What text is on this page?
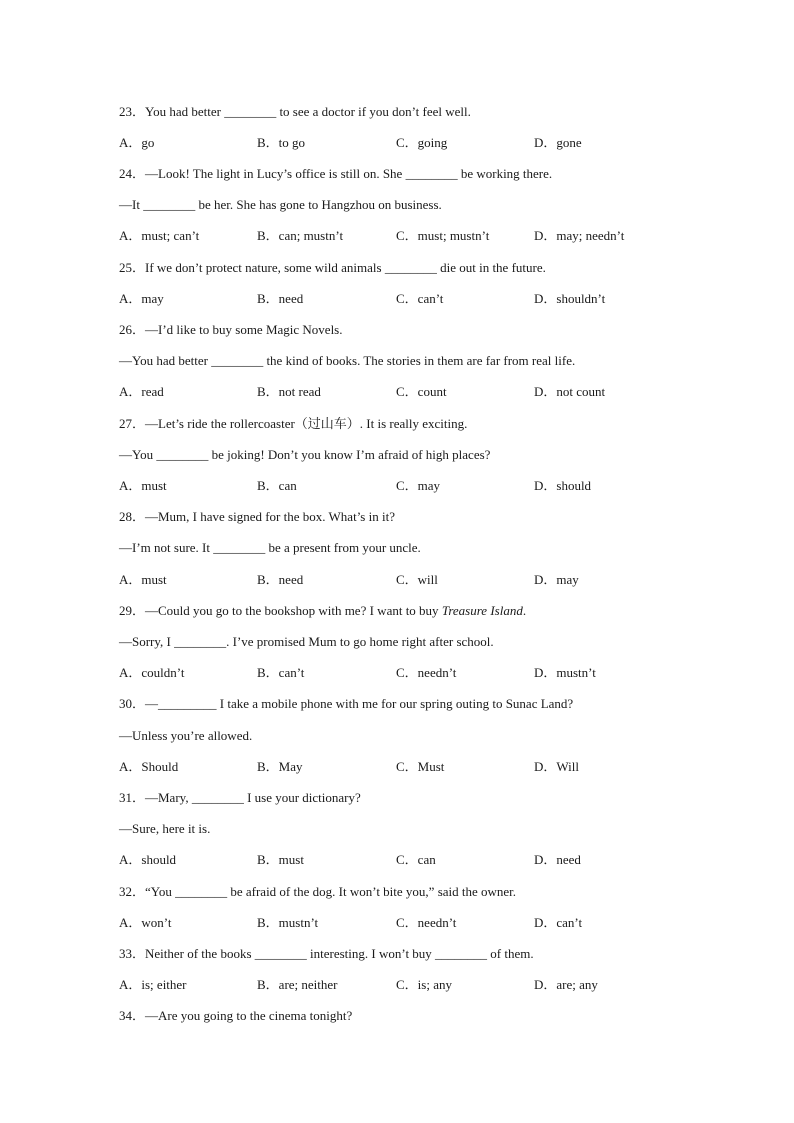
23．You had better ________ to see a doctor if you don’t feel well.
A．go	B．to go	C．going	D．gone
24．—Look! The light in Lucy’s office is still on. She ________ be working there.
—It ________ be her. She has gone to Hangzhou on business.
A．must; can’t	B．can; mustn’t	C．must; mustn’t	D．may; needn’t
25．If we don’t protect nature, some wild animals ________ die out in the future.
A．may	B．need	C．can’t	D．shouldn’t
26．—I’d like to buy some Magic Novels.
—You had better ________ the kind of books. The stories in them are far from real life.
A．read	B．not read	C．count	D．not count
27．—Let’s ride the rollercoaster（过山车）. It is really exciting.
—You ________ be joking! Don’t you know I’m afraid of high places?
A．must	B．can	C．may	D．should
28．—Mum, I have signed for the box. What’s in it?
—I’m not sure. It ________ be a present from your uncle.
A．must	B．need	C．will	D．may
29．—Could you go to the bookshop with me? I want to buy Treasure Island.
—Sorry, I ________. I’ve promised Mum to go home right after school.
A．couldn’t	B．can’t	C．needn’t	D．mustn’t
30．—_________ I take a mobile phone with me for our spring outing to Sunac Land?
—Unless you’re allowed.
A．Should	B．May	C．Must	D．Will
31．—Mary, ________ I use your dictionary?
—Sure, here it is.
A．should	B．must	C．can	D．need
32．“You ________ be afraid of the dog. It won’t bite you,” said the owner.
A．won’t	B．mustn’t	C．needn’t	D．can’t
33．Neither of the books ________ interesting. I won’t buy ________ of them.
A．is; either	B．are; neither	C．is; any	D．are; any
34．—Are you going to the cinema tonight?
